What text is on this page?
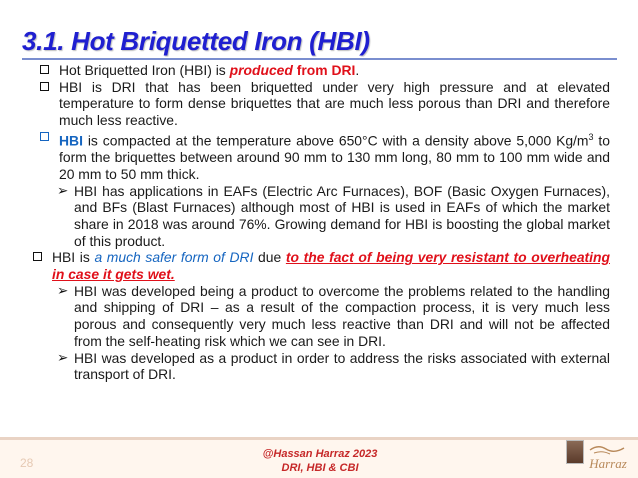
3.1. Hot Briquetted Iron (HBI)
Hot Briquetted Iron (HBI) is produced from DRI.
HBI is DRI that has been briquetted under very high pressure and at elevated temperature to form dense briquettes that are much less porous than DRI and therefore much less reactive.
HBI is compacted at the temperature above 650°C with a density above 5,000 $Kg/m^3$ to form the briquettes between around 90 mm to 130 mm long, 80 mm to 100 mm wide and 20 mm to 50 mm thick.
➢ HBI has applications in EAFs (Electric Arc Furnaces), BOF (Basic Oxygen Furnaces), and BFs (Blast Furnaces) although most of HBI is used in EAFs of which the market share in 2018 was around 76%. Growing demand for HBI is boosting the global market of this product.
HBI is a much safer form of DRI due to the fact of being very resistant to overheating in case it gets wet.
➢ HBI was developed being a product to overcome the problems related to the handling and shipping of DRI – as a result of the compaction process, it is very much less porous and consequently very much less reactive than DRI and will not be affected from the self-heating risk which we can see in DRI.
➢ HBI was developed as a product in order to address the risks associated with external transport of DRI.
28
@Hassan Harraz 2023
DRI, HBI & CBI	Harraz
